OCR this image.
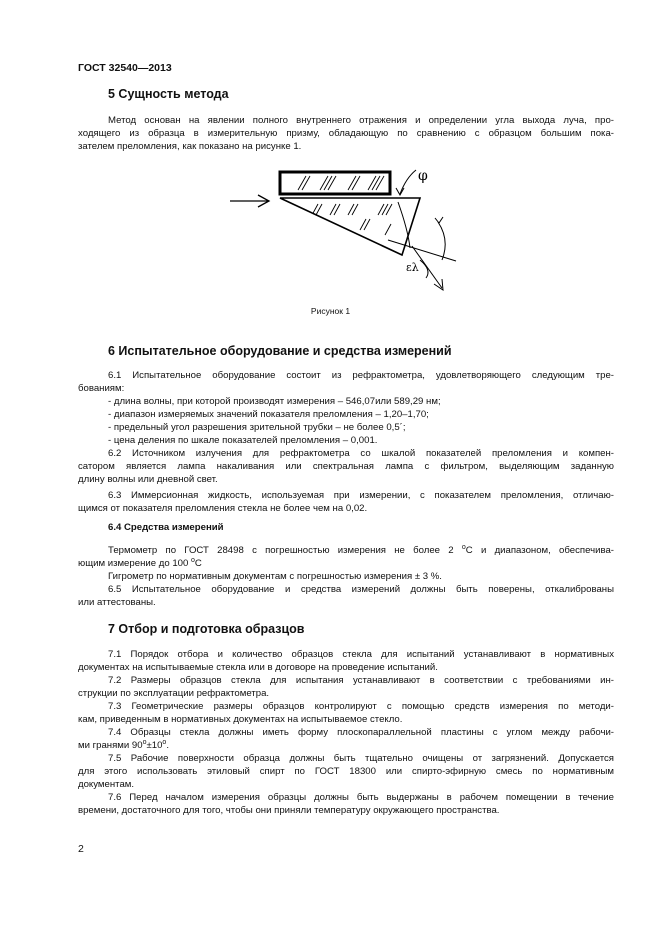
ГОСТ 32540—2013
5 Сущность метода
Метод основан на явлении полного внутреннего отражения и определении угла выхода луча, про-
ходящего из образца в измерительную призму, обладающую по сравнению с образцом большим пока-
зателем преломления, как показано на рисунке 1.
φ
ελ
Рисунок 1
6 Испытательное оборудование и средства измерений
6.1 Испытательное оборудование состоит из рефрактометра, удовлетворяющего следующим тре-
бованиям:
- длина волны, при которой производят измерения – 546,07или 589,29 нм;
- диапазон измеряемых значений показателя преломления – 1,20–1,70;
- предельный угол разрешения зрительной трубки – не более 0,5´;
- цена деления по шкале показателей преломления – 0,001.
6.2 Источником излучения для рефрактометра со шкалой показателей преломления и компен-
сатором является лампа накаливания или спектральная лампа с фильтром, выделяющим заданную
длину волны или дневной свет.
6.3 Иммерсионная жидкость, используемая при измерении, с показателем преломления, отличаю-
щимся от показателя преломления стекла не более чем на 0,02.
6.4 Средства измерений
Термометр по ГОСТ 28498 с погрешностью измерения не более 2 $^о$С и диапазоном, обеспечива-
ющим измерение до 100 $^о$С
Гигрометр по нормативным документам с погрешностью измерения ± 3 %.
6.5 Испытательное оборудование и средства измерений должны быть поверены, откалиброваны
или аттестованы.
7 Отбор и подготовка образцов
7.1 Порядок отбора и количество образцов стекла для испытаний устанавливают в нормативных
документах на испытываемые стекла или в договоре на проведение испытаний.
7.2 Размеры образцов стекла для испытания устанавливают в соответствии с требованиями ин-
струкции по эксплуатации рефрактометра.
7.3 Геометрические размеры образцов контролируют с помощью средств измерения по методи-
кам, приведенным в нормативных документах на испытываемое стекло.
7.4 Образцы стекла должны иметь форму плоскопараллельной пластины с углом между рабочи-
ми гранями $90^о\pm 10^о$.
7.5 Рабочие поверхности образца должны быть тщательно очищены от загрязнений. Допускается
для этого использовать этиловый спирт по ГОСТ 18300 или спирто-эфирную смесь по нормативным
документам.
7.6 Перед началом измерения образцы должны быть выдержаны в рабочем помещении в течение
времени, достаточного для того, чтобы они приняли температуру окружающего пространства.
2
